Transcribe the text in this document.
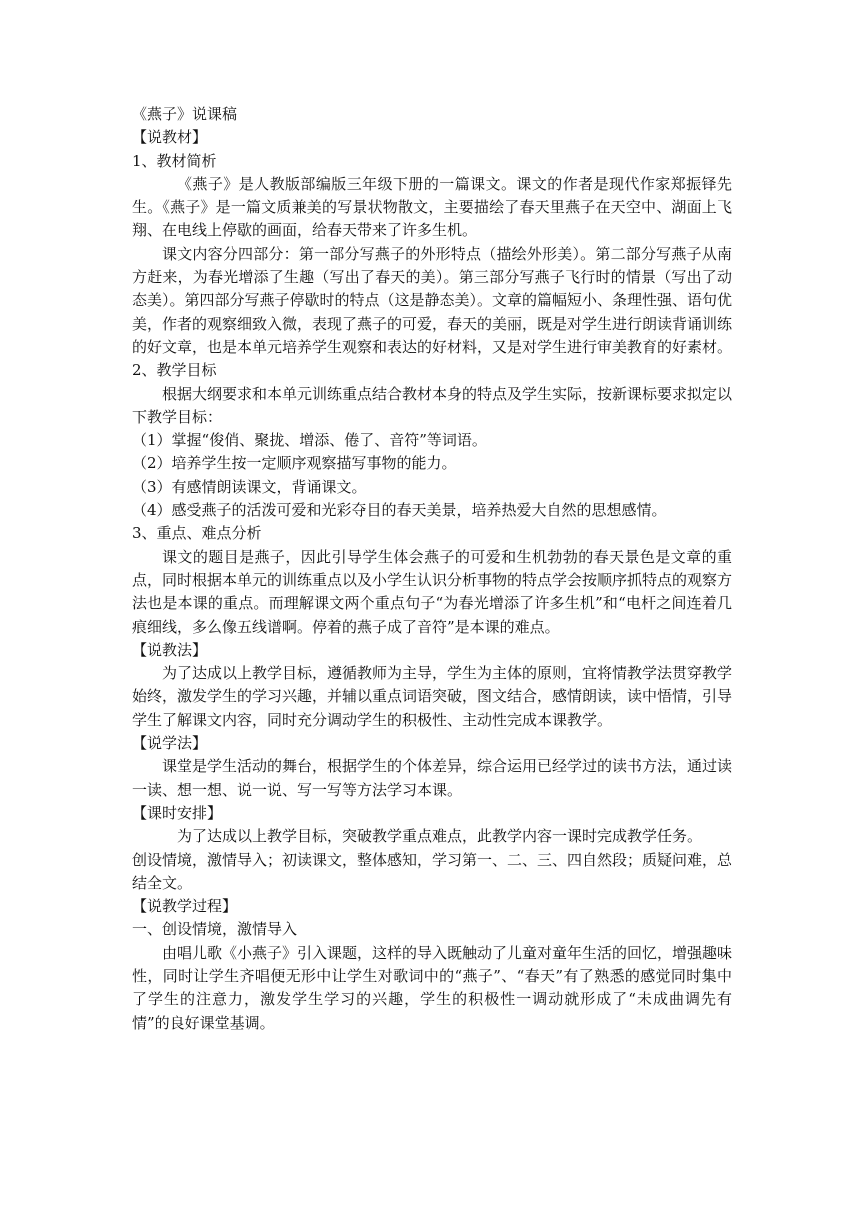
《燕子》说课稿

【说教材】

1、教材简析

《燕子》是人教版部编版三年级下册的一篇课文。课文的作者是现代作家郑振铎先生。《燕子》是一篇文质兼美的写景状物散文，主要描绘了春天里燕子在天空中、湖面上飞翔、在电线上停歇的画面，给春天带来了许多生机。

课文内容分四部分：第一部分写燕子的外形特点（描绘外形美）。第二部分写燕子从南方赶来，为春光增添了生趣（写出了春天的美）。第三部分写燕子飞行时的情景（写出了动态美）。第四部分写燕子停歇时的特点（这是静态美）。文章的篇幅短小、条理性强、语句优美，作者的观察细致入微，表现了燕子的可爱，春天的美丽，既是对学生进行朗读背诵训练的好文章，也是本单元培养学生观察和表达的好材料，又是对学生进行审美教育的好素材。

2、教学目标

根据大纲要求和本单元训练重点结合教材本身的特点及学生实际，按新课标要求拟定以下教学目标：

（1）掌握“俊俏、聚拢、增添、倦了、音符”等词语。

（2）培养学生按一定顺序观察描写事物的能力。

（3）有感情朗读课文，背诵课文。

（4）感受燕子的活泼可爱和光彩夺目的春天美景，培养热爱大自然的思想感情。

3、重点、难点分析

课文的题目是燕子，因此引导学生体会燕子的可爱和生机勃勃的春天景色是文章的重点，同时根据本单元的训练重点以及小学生认识分析事物的特点学会按顺序抓特点的观察方法也是本课的重点。而理解课文两个重点句子“为春光增添了许多生机”和“电杆之间连着几痕细线，多么像五线谱啊。停着的燕子成了音符”是本课的难点。

【说教法】

为了达成以上教学目标，遵循教师为主导，学生为主体的原则，宜将情教学法贯穿教学始终，激发学生的学习兴趣，并辅以重点词语突破，图文结合，感情朗读，读中悟情，引导学生了解课文内容，同时充分调动学生的积极性、主动性完成本课教学。

【说学法】

课堂是学生活动的舞台，根据学生的个体差异，综合运用已经学过的读书方法，通过读一读、想一想、说一说、写一写等方法学习本课。

【课时安排】

为了达成以上教学目标，突破教学重点难点，此教学内容一课时完成教学任务。

创设情境，激情导入；初读课文，整体感知，学习第一、二、三、四自然段；质疑问难，总结全文。

【说教学过程】

一、创设情境，激情导入

由唱儿歌《小燕子》引入课题，这样的导入既触动了儿童对童年生活的回忆，增强趣味性，同时让学生齐唱便无形中让学生对歌词中的“燕子”、“春天”有了熟悉的感觉同时集中了学生的注意力，激发学生学习的兴趣，学生的积极性一调动就形成了“未成曲调先有情”的良好课堂基调。
